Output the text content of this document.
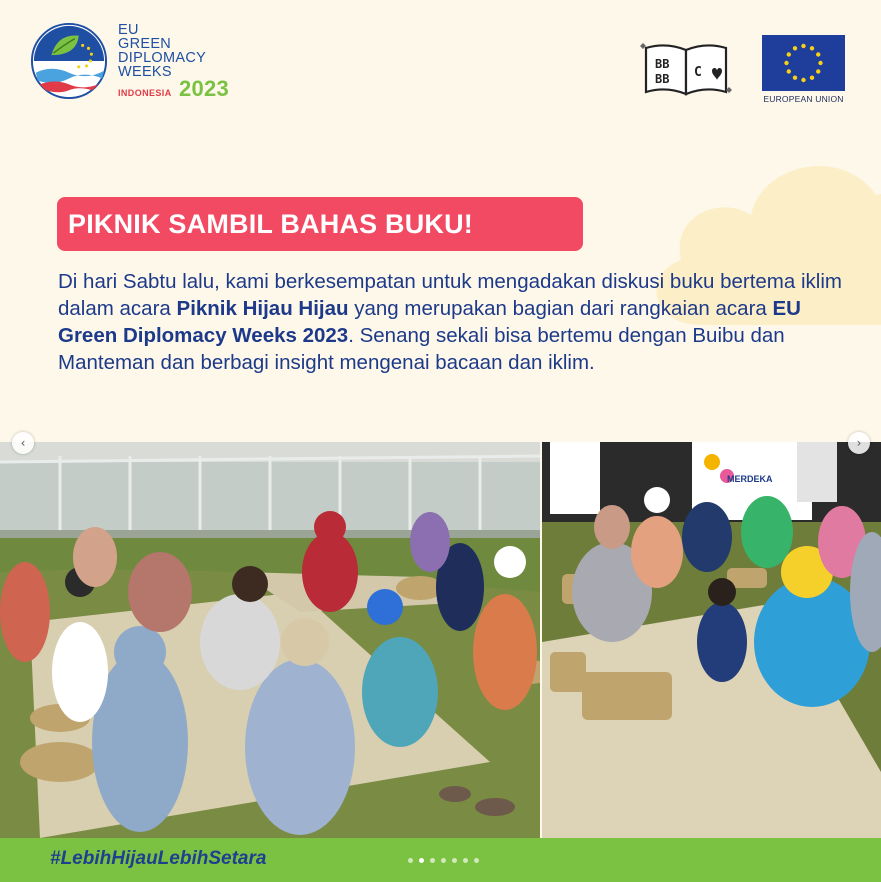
EU
GREEN
DIPLOMACY
WEEKS
INDONESIA 2023
BB
BB C
EUROPEAN UNION
PIKNIK SAMBIL BAHAS BUKU!

Di hari Sabtu lalu, kami berkesempatan untuk mengadakan diskusi buku bertema iklim dalam acara Piknik Hijau Hijau yang merupakan bagian dari rangkaian acara EU Green Diplomacy Weeks 2023. Senang sekali bisa bertemu dengan Buibu dan Manteman dan berbagi insight mengenai bacaan dan iklim.

MERDEKA
‹	›
#LebihHijauLebihSetara
